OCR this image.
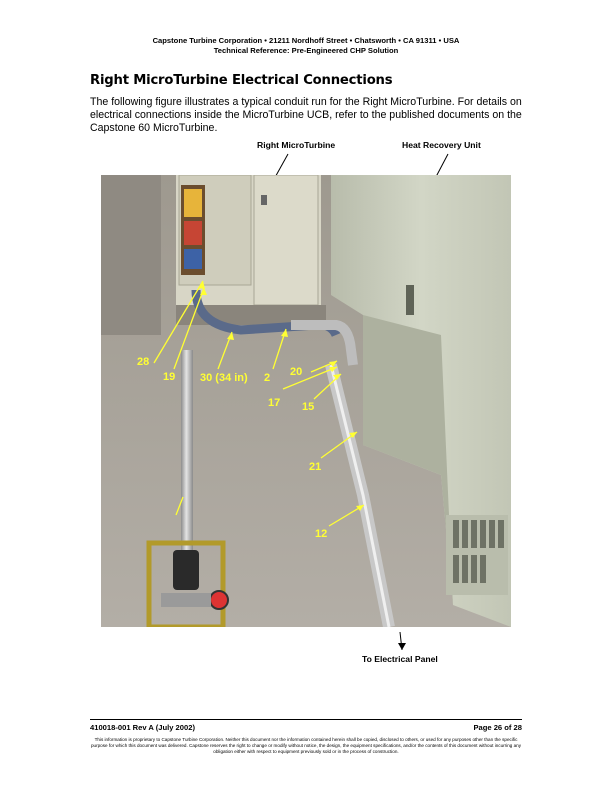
Capstone Turbine Corporation • 21211 Nordhoff Street • Chatsworth • CA 91311 • USA
Technical Reference: Pre-Engineered CHP Solution
Right MicroTurbine Electrical Connections
The following figure illustrates a typical conduit run for the Right MicroTurbine. For details on electrical connections inside the MicroTurbine UCB, refer to the published documents on the Capstone 60 MicroTurbine.
Right MicroTurbine	Heat Recovery Unit
28
19 30 (34 in) 2 20
17 15
21
12
To Electrical Panel
410018-001 Rev A (July 2002)	Page 26 of 28
This information is proprietary to Capstone Turbine Corporation. Neither this document nor the information contained herein shall be copied, disclosed to others, or used for any purposes other than the specific purpose for which this document was delivered. Capstone reserves the right to change or modify without notice, the design, the equipment specifications, and/or the contents of this document without incurring any obligation either with respect to equipment previously sold or in the process of construction.
